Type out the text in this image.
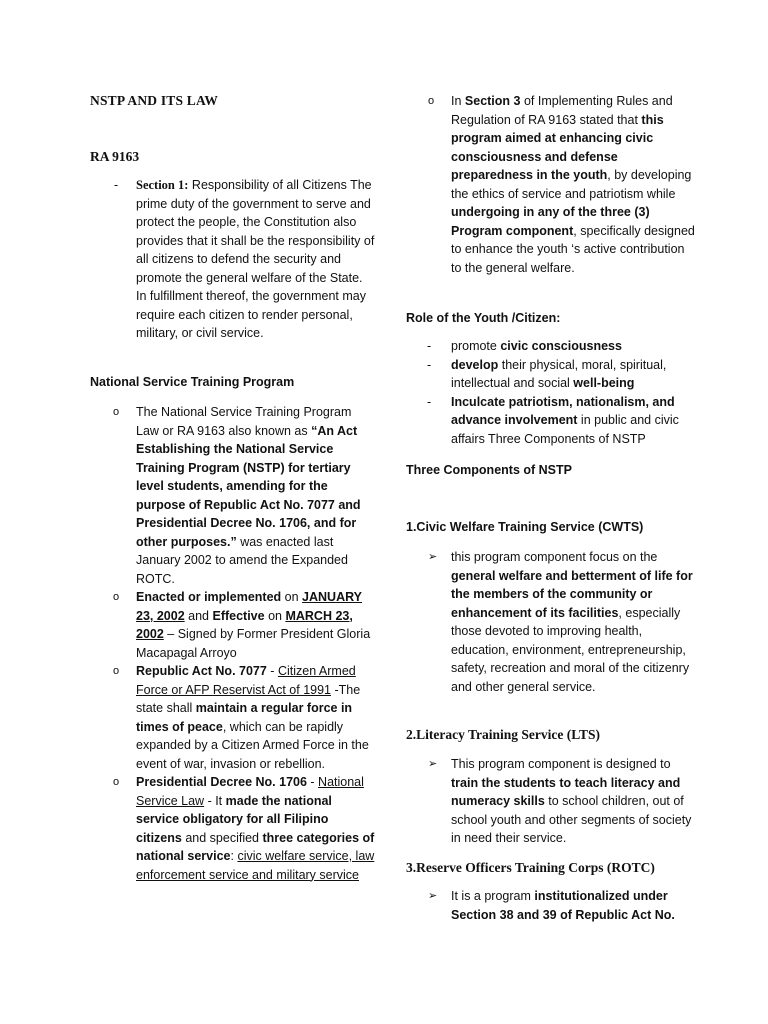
NSTP AND ITS LAW
RA 9163
- Section 1: Responsibility of all Citizens The prime duty of the government to serve and protect the people, the Constitution also provides that it shall be the responsibility of all citizens to defend the security and promote the general welfare of the State. In fulfillment thereof, the government may require each citizen to render personal, military, or civil service.
National Service Training Program
o The National Service Training Program Law or RA 9163 also known as “An Act Establishing the National Service Training Program (NSTP) for tertiary level students, amending for the purpose of Republic Act No. 7077 and Presidential Decree No. 1706, and for other purposes.” was enacted last January 2002 to amend the Expanded ROTC.
o Enacted or implemented on JANUARY 23, 2002 and Effective on MARCH 23, 2002 – Signed by Former President Gloria Macapagal Arroyo
o Republic Act No. 7077 - Citizen Armed Force or AFP Reservist Act of 1991 -The state shall maintain a regular force in times of peace, which can be rapidly expanded by a Citizen Armed Force in the event of war, invasion or rebellion.
o Presidential Decree No. 1706 - National Service Law - It made the national service obligatory for all Filipino citizens and specified three categories of national service: civic welfare service, law enforcement service and military service
o In Section 3 of Implementing Rules and Regulation of RA 9163 stated that this program aimed at enhancing civic consciousness and defense preparedness in the youth, by developing the ethics of service and patriotism while undergoing in any of the three (3) Program component, specifically designed to enhance the youth ‘s active contribution to the general welfare.
Role of the Youth /Citizen:
- promote civic consciousness
- develop their physical, moral, spiritual, intellectual and social well-being
- Inculcate patriotism, nationalism, and advance involvement in public and civic affairs Three Components of NSTP
Three Components of NSTP
1.Civic Welfare Training Service (CWTS)
➢ this program component focus on the general welfare and betterment of life for the members of the community or enhancement of its facilities, especially those devoted to improving health, education, environment, entrepreneurship, safety, recreation and moral of the citizenry and other general service.
2.Literacy Training Service (LTS)
➢ This program component is designed to train the students to teach literacy and numeracy skills to school children, out of school youth and other segments of society in need their service.
3.Reserve Officers Training Corps (ROTC)
➢ It is a program institutionalized under Section 38 and 39 of Republic Act No.
